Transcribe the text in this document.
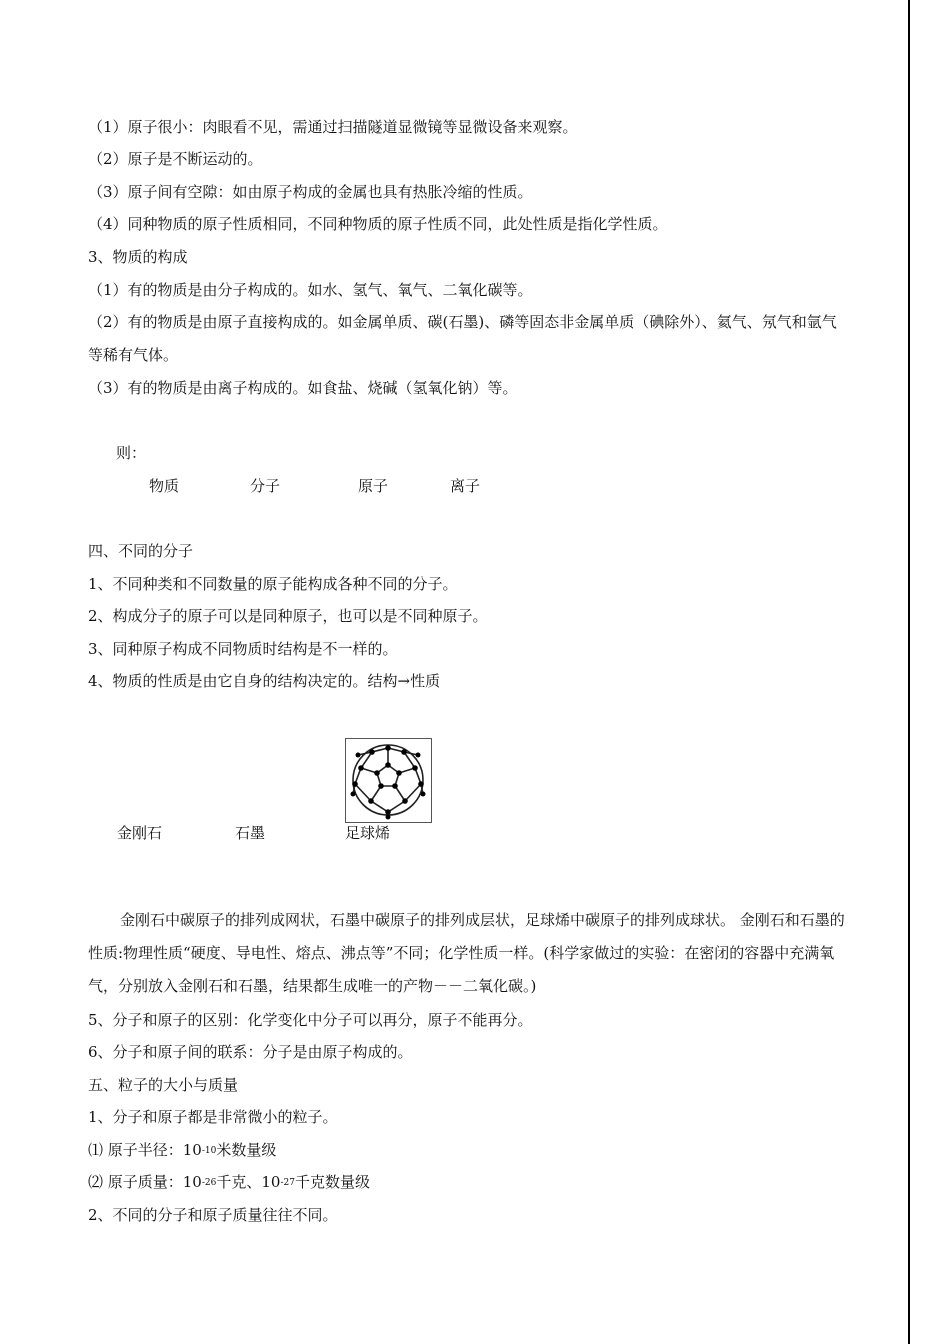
（1）原子很小：肉眼看不见，需通过扫描隧道显微镜等显微设备来观察。
（2）原子是不断运动的。
（3）原子间有空隙：如由原子构成的金属也具有热胀冷缩的性质。
（4）同种物质的原子性质相同，不同种物质的原子性质不同，此处性质是指化学性质。
3、物质的构成
（1）有的物质是由分子构成的。如水、氢气、氧气、二氧化碳等。
（2）有的物质是由原子直接构成的。如金属单质、碳(石墨)、磷等固态非金属单质（碘除外）、氦气、氖气和氩气等稀有气体。
（3）有的物质是由离子构成的。如食盐、烧碱（氢氧化钠）等。
则：
物质	分子	原子	离子
四、不同的分子
1、不同种类和不同数量的原子能构成各种不同的分子。
2、构成分子的原子可以是同种原子，也可以是不同种原子。
3、同种原子构成不同物质时结构是不一样的。
4、物质的性质是由它自身的结构决定的。结构→性质
金刚石	石墨	足球烯
金刚石中碳原子的排列成网状，石墨中碳原子的排列成层状，足球烯中碳原子的排列成球状。 金刚石和石墨的性质:物理性质“硬度、导电性、熔点、沸点等”不同；化学性质一样。(科学家做过的实验：在密闭的容器中充满氧气，分别放入金刚石和石墨，结果都生成唯一的产物－－二氧化碳。)
5、分子和原子的区别：化学变化中分子可以再分，原子不能再分。
6、分子和原子间的联系：分子是由原子构成的。
五、粒子的大小与质量
1、分子和原子都是非常微小的粒子。
⑴ 原子半径：10-10米数量级
⑵ 原子质量：10-26千克、10-27千克数量级
2、不同的分子和原子质量往往不同。
